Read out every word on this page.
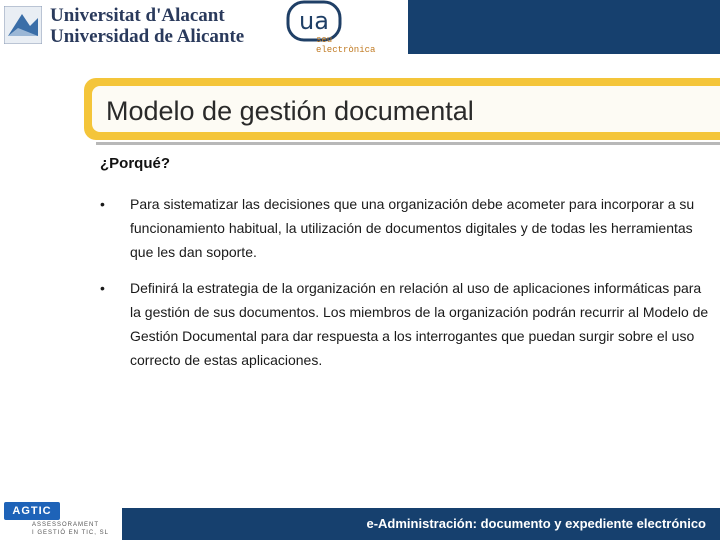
Universitat d'Alacant
Universidad de Alicante
ua
seu
electrònica
Modelo de gestión documental
¿Porqué?
•	Para sistematizar las decisiones que una organización debe acometer para incorporar a su funcionamiento habitual, la utilización de documentos digitales y de todas les herramientas que les dan soporte.
•	Definirá la estrategia de la organización en relación al uso de aplicaciones informáticas para la gestión de sus documentos. Los miembros de la organización podrán recurrir al Modelo de Gestión Documental para dar respuesta a los interrogantes que puedan surgir sobre el uso correcto de estas aplicaciones.
AGTIC
ASSESSORAMENT
I GESTIÓ EN TIC, SL
e-Administración: documento y expediente electrónico
